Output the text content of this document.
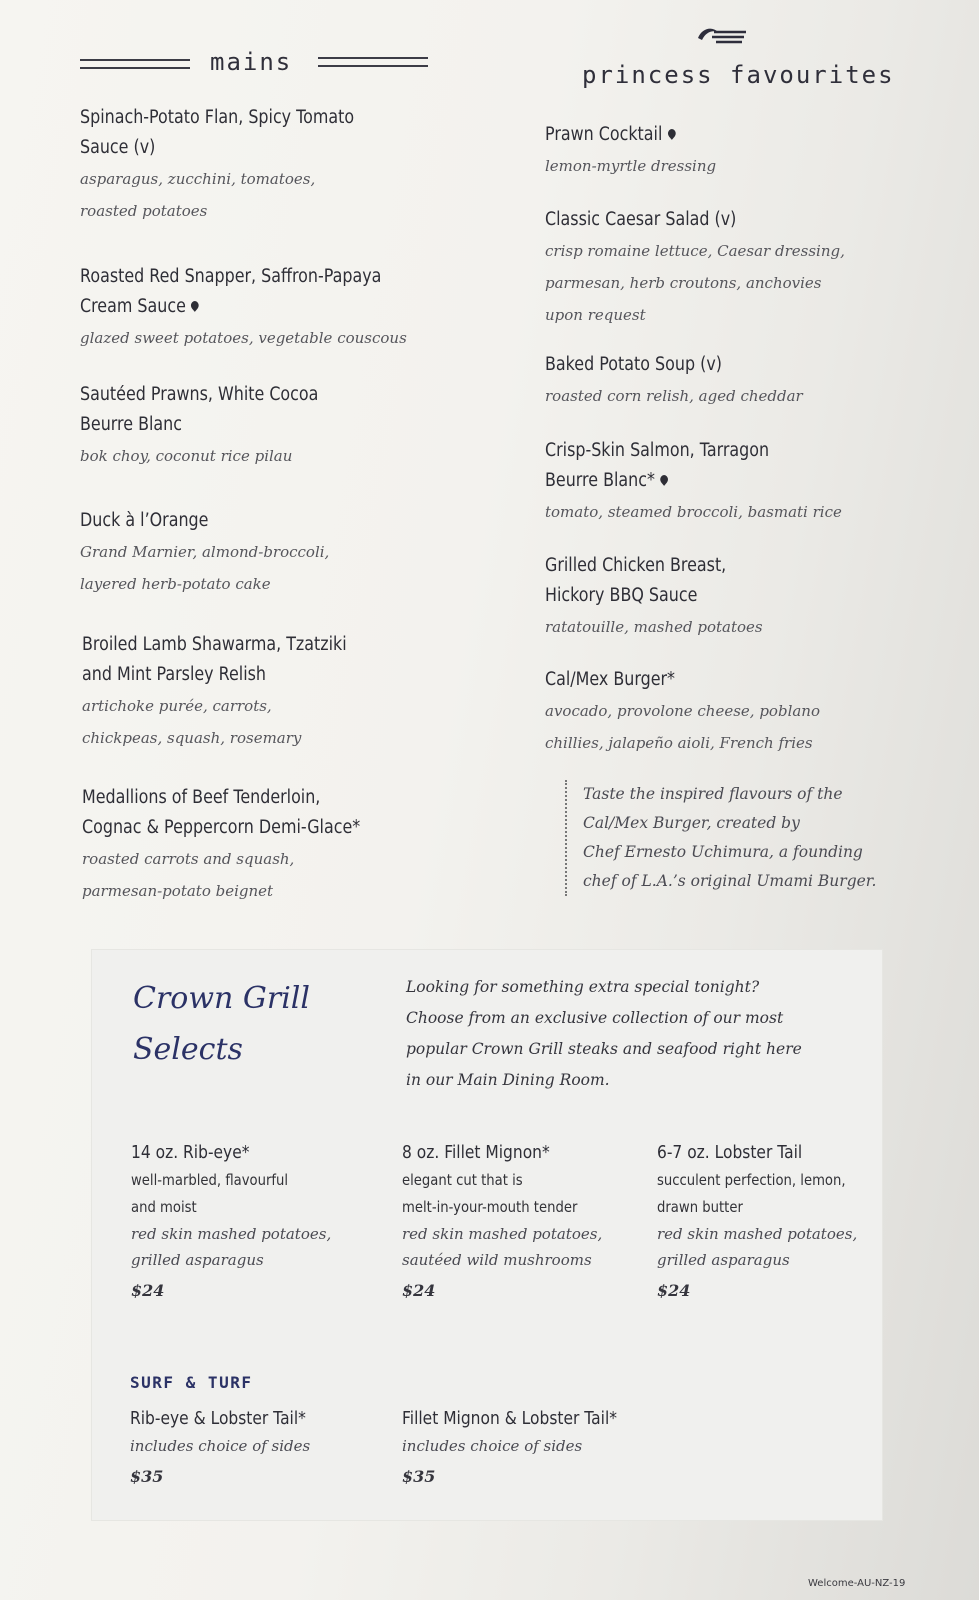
mains
Spinach-Potato Flan, Spicy Tomato
Sauce (v)
asparagus, zucchini, tomatoes,
roasted potatoes
Roasted Red Snapper, Saffron-Papaya
Cream Sauce
glazed sweet potatoes, vegetable couscous
Sautéed Prawns, White Cocoa
Beurre Blanc
bok choy, coconut rice pilau
Duck à l’Orange
Grand Marnier, almond-broccoli,
layered herb-potato cake
Broiled Lamb Shawarma, Tzatziki
and Mint Parsley Relish
artichoke purée, carrots,
chickpeas, squash, rosemary
Medallions of Beef Tenderloin,
Cognac & Peppercorn Demi-Glace*
roasted carrots and squash,
parmesan-potato beignet
princess favourites
Prawn Cocktail
lemon-myrtle dressing
Classic Caesar Salad (v)
crisp romaine lettuce, Caesar dressing,
parmesan, herb croutons, anchovies
upon request
Baked Potato Soup (v)
roasted corn relish, aged cheddar
Crisp-Skin Salmon, Tarragon
Beurre Blanc*
tomato, steamed broccoli, basmati rice
Grilled Chicken Breast,
Hickory BBQ Sauce
ratatouille, mashed potatoes
Cal/Mex Burger*
avocado, provolone cheese, poblano
chillies, jalapeño aioli, French fries
Taste the inspired flavours of the
Cal/Mex Burger, created by
Chef Ernesto Uchimura, a founding
chef of L.A.’s original Umami Burger.
Crown Grill
Selects
Looking for something extra special tonight?
Choose from an exclusive collection of our most
popular Crown Grill steaks and seafood right here
in our Main Dining Room.
14 oz. Rib-eye*
well-marbled, flavourful
and moist
red skin mashed potatoes,
grilled asparagus
$24
8 oz. Fillet Mignon*
elegant cut that is
melt-in-your-mouth tender
red skin mashed potatoes,
sautéed wild mushrooms
$24
6-7 oz. Lobster Tail
succulent perfection, lemon,
drawn butter
red skin mashed potatoes,
grilled asparagus
$24
SURF & TURF
Rib-eye & Lobster Tail*
includes choice of sides
$35
Fillet Mignon & Lobster Tail*
includes choice of sides
$35
Welcome-AU-NZ-19
